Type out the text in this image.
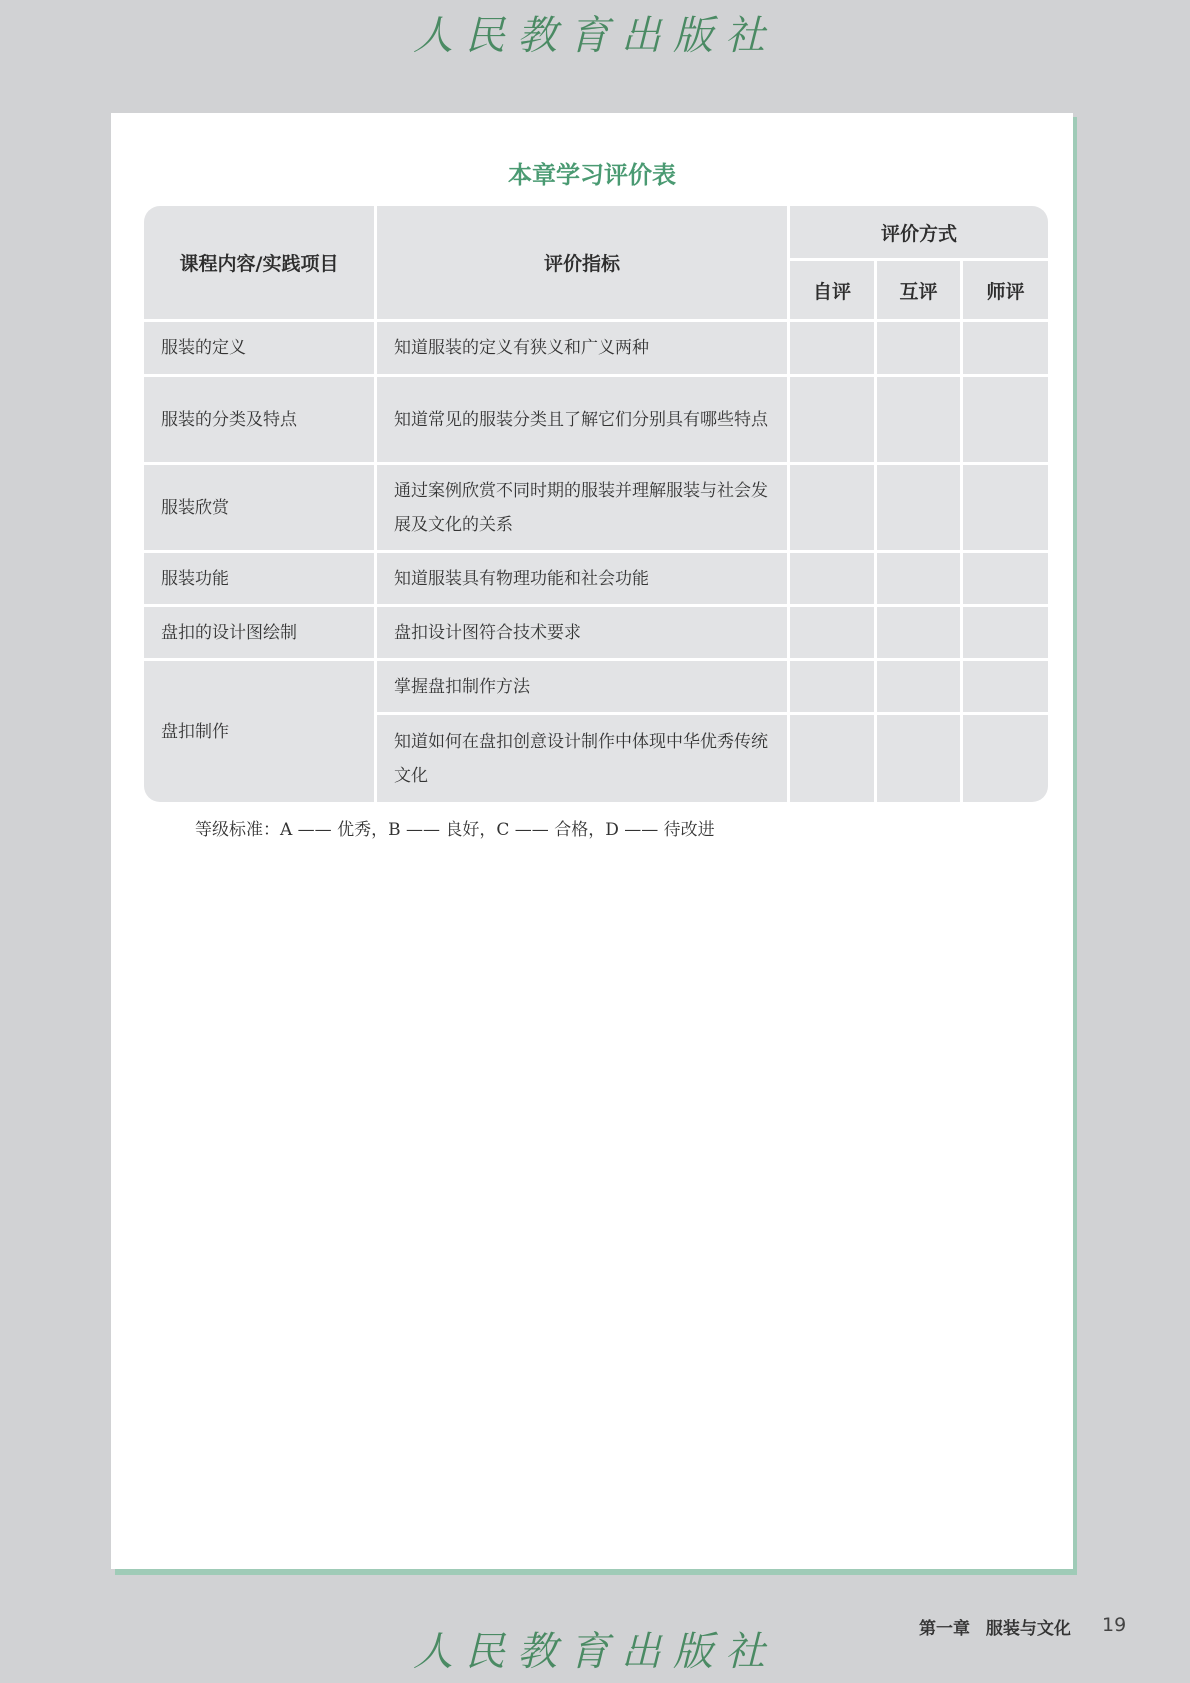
人民教育出版社
本章学习评价表
课程内容/实践项目	评价指标	评价方式		
		自评	互评	师评
服装的定义	知道服装的定义有狭义和广义两种			
服装的分类及特点	知道常见的服装分类且了解它们分别具有哪些特点			
服装欣赏	通过案例欣赏不同时期的服装并理解服装与社会发展及文化的关系			
服装功能	知道服装具有物理功能和社会功能			
盘扣的设计图绘制	盘扣设计图符合技术要求			
盘扣制作	掌握盘扣制作方法			
	知道如何在盘扣创意设计制作中体现中华优秀传统文化			
等级标准：A —— 优秀，B —— 良好，C —— 合格，D —— 待改进
第一章 服装与文化 19
人民教育出版社
